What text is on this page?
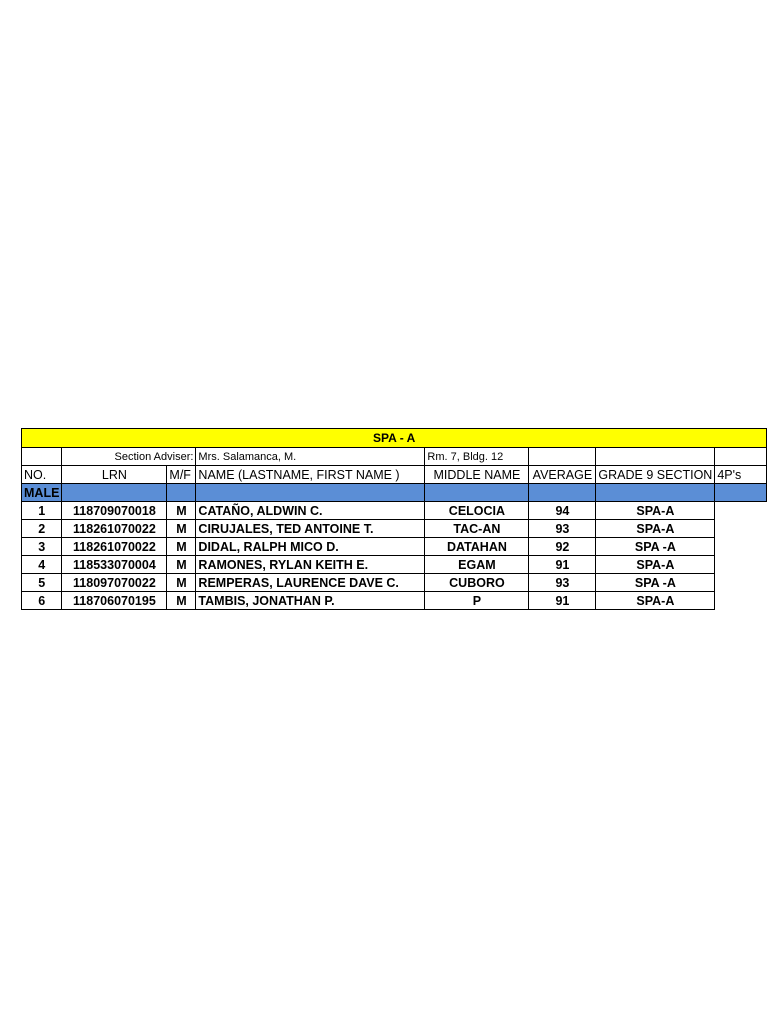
SPA - A							
	Section Adviser:		Mrs. Salamanca, M.	Rm. 7, Bldg. 12			
NO.	LRN	M/F	NAME (LASTNAME, FIRST NAME )	MIDDLE NAME	AVERAGE	GRADE 9 SECTION	4P's
MALE							
1	118709070018	M	CATAÑO, ALDWIN C.	CELOCIA	94	SPA-A	
2	118261070022	M	CIRUJALES, TED ANTOINE T.	TAC-AN	93	SPA-A	
3	118261070022	M	DIDAL, RALPH MICO D.	DATAHAN	92	SPA -A	
4	118533070004	M	RAMONES, RYLAN KEITH E.	EGAM	91	SPA-A	
5	118097070022	M	REMPERAS, LAURENCE DAVE C.	CUBORO	93	SPA -A	
6	118706070195	M	TAMBIS, JONATHAN P.	P	91	SPA-A	
